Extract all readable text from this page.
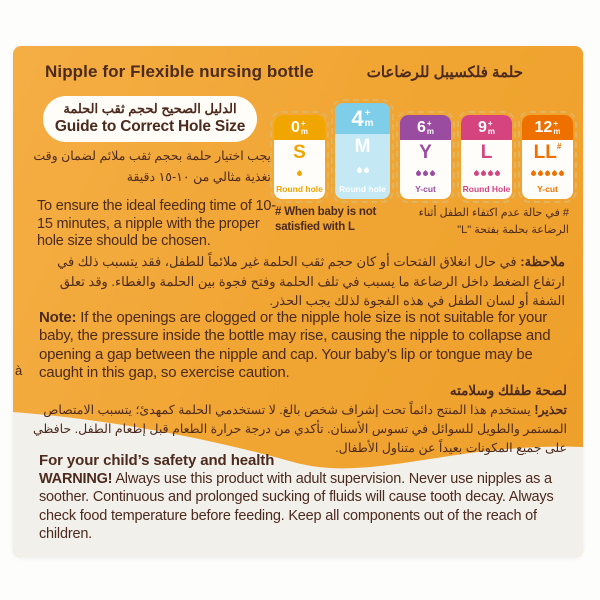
Nipple for Flexible nursing bottle	حلمة فلكسيبل للرضاعات
الدليل الصحيح لحجم ثقب الحلمة
Guide to Correct Hole Size
يجب اختيار حلمة بحجم ثقب ملائم لضمان وقت تغذية مثالي من ١٠-١٥ دقيقة
To ensure the ideal feeding time of 10-15 minutes, a nipple with the proper hole size should be chosen.
0 +
m
S
Round hole
4 +
m
M
Round hole
6 +
m
Y
Y-cut
9 +
m
L
Round Hole
12 +
m
LL#
Y-cut
# When baby is not satisfied with L
# في حالة عدم اكتفاء الطفل أثناء الرضاعة بحلمة بفتحة "L"
ملاحظة: في حال انغلاق الفتحات أو كان حجم ثقب الحلمة غير ملائماً للطفل، فقد يتسبب ذلك في ارتفاع الضغط داخل الرضاعة ما يسبب في تلف الحلمة وفتح فجوة بين الحلمة والغطاء. وقد تعلق الشفة أو لسان الطفل في هذه الفجوة لذلك يجب الحذر.
Note: If the openings are clogged or the nipple hole size is not suitable for your baby, the pressure inside the bottle may rise, causing the nipple to collapse and opening a gap between the nipple and cap. Your baby’s lip or tongue may be caught in this gap, so exercise caution.
à
لصحة طفلك وسلامته
تحذير! يستخدم هذا المنتج دائماً تحت إشراف شخص بالغ. لا تستخدمي الحلمة كمهدئ؛ يتسبب الامتصاص المستمر والطويل للسوائل في تسوس الأسنان. تأكدي من درجة حرارة الطعام قبل إطعام الطفل. حافظي على جميع المكونات بعيداً عن متناول الأطفال.
For your child’s safety and health
WARNING! Always use this product with adult supervision. Never use nipples as a soother. Continuous and prolonged sucking of fluids will cause tooth decay. Always check food temperature before feeding. Keep all components out of the reach of children.
